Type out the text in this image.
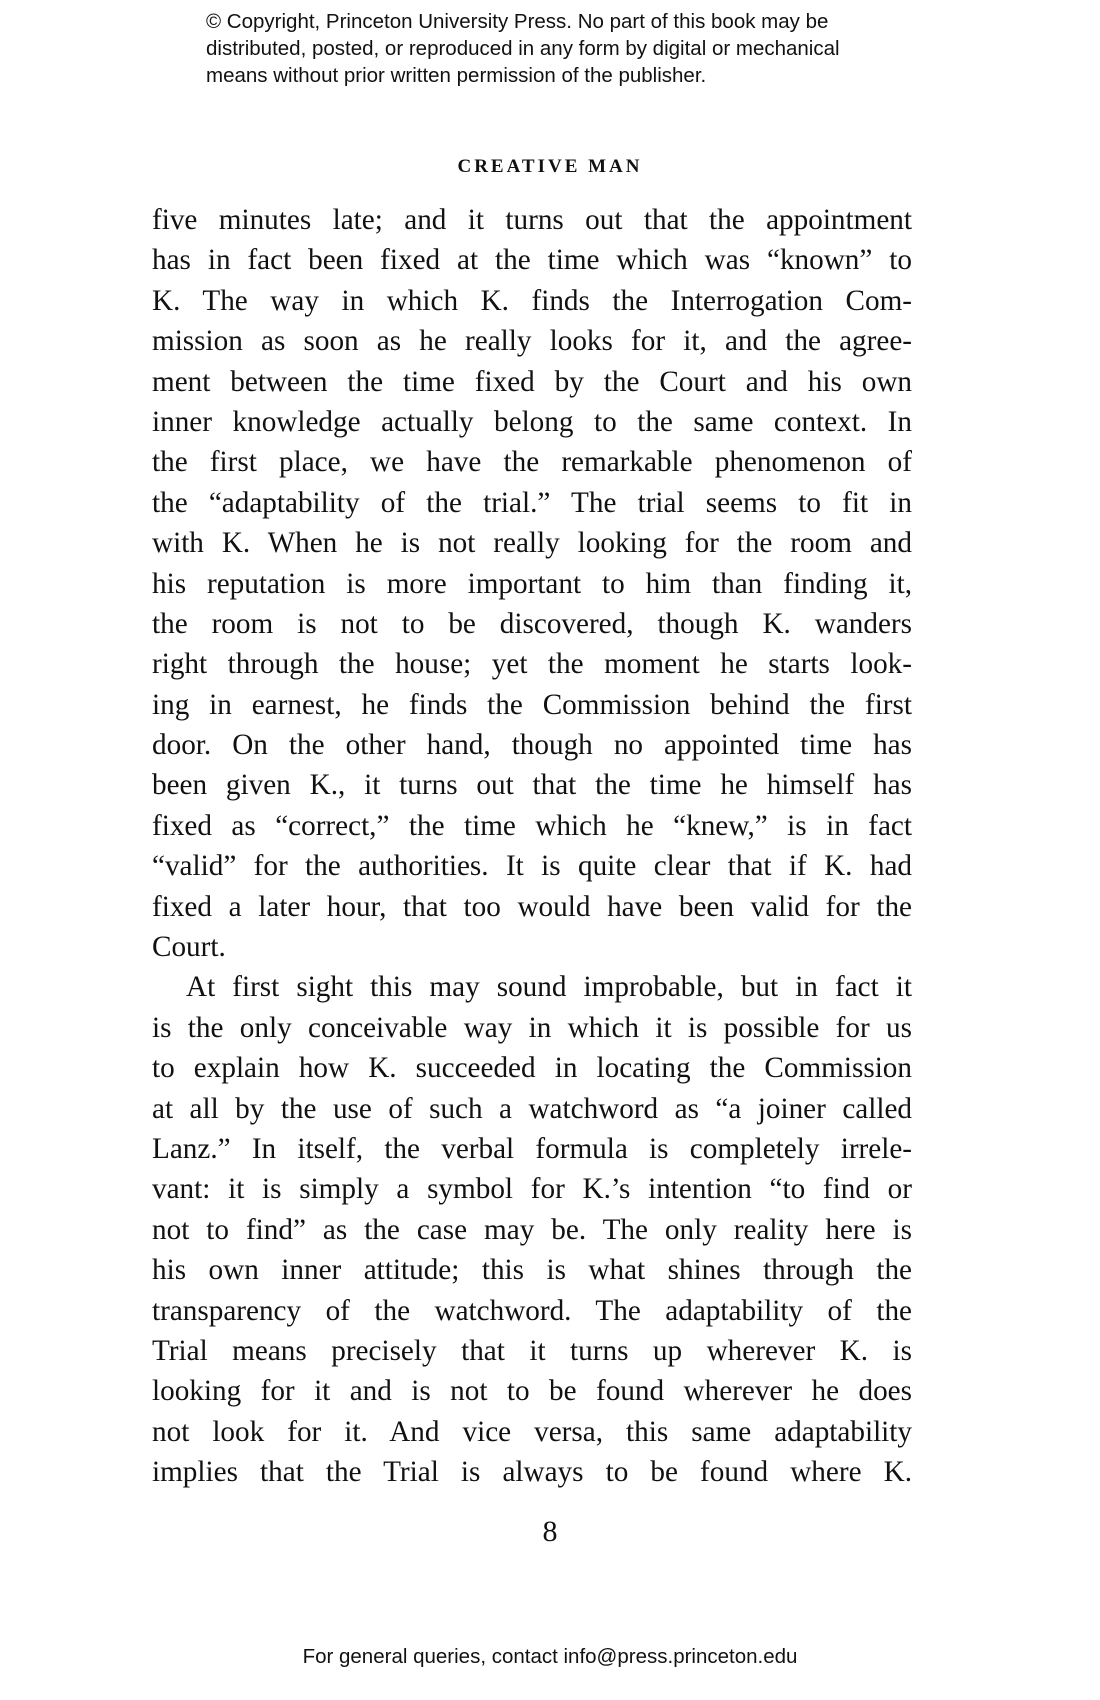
© Copyright, Princeton University Press. No part of this book may be
distributed, posted, or reproduced in any form by digital or mechanical
means without prior written permission of the publisher.
CREATIVE MAN
five minutes late; and it turns out that the appointment
has in fact been fixed at the time which was “known” to
K. The way in which K. finds the Interrogation Com-
mission as soon as he really looks for it, and the agree-
ment between the time fixed by the Court and his own
inner knowledge actually belong to the same context. In
the first place, we have the remarkable phenomenon of
the “adaptability of the trial.” The trial seems to fit in
with K. When he is not really looking for the room and
his reputation is more important to him than finding it,
the room is not to be discovered, though K. wanders
right through the house; yet the moment he starts look-
ing in earnest, he finds the Commission behind the first
door. On the other hand, though no appointed time has
been given K., it turns out that the time he himself has
fixed as “correct,” the time which he “knew,” is in fact
“valid” for the authorities. It is quite clear that if K. had
fixed a later hour, that too would have been valid for the
Court.
At first sight this may sound improbable, but in fact it
is the only conceivable way in which it is possible for us
to explain how K. succeeded in locating the Commission
at all by the use of such a watchword as “a joiner called
Lanz.” In itself, the verbal formula is completely irrele-
vant: it is simply a symbol for K.’s intention “to find or
not to find” as the case may be. The only reality here is
his own inner attitude; this is what shines through the
transparency of the watchword. The adaptability of the
Trial means precisely that it turns up wherever K. is
looking for it and is not to be found wherever he does
not look for it. And vice versa, this same adaptability
implies that the Trial is always to be found where K.
8
For general queries, contact info@press.princeton.edu
